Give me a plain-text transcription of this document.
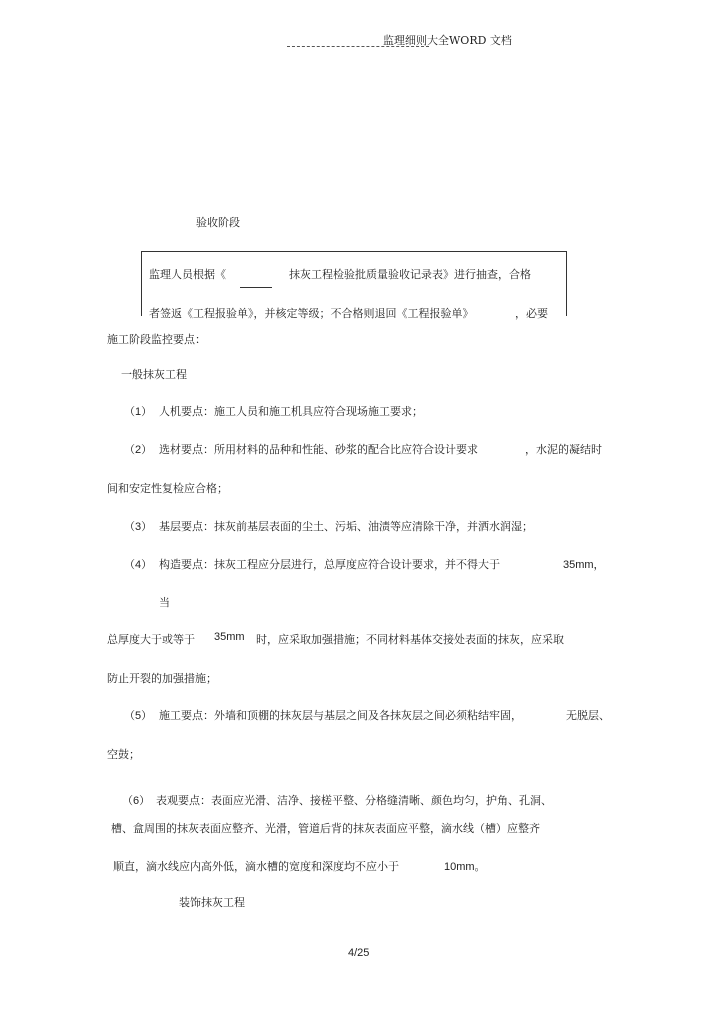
监理细则大全WORD 文档
验收阶段
监理人员根据《	抹灰工程检验批质量验收记录表》进行抽查，合格
者签返《工程报验单》，并核定等级；不合格则退回《工程报验单》	，必要
施工阶段监控要点：
一般抹灰工程
（1） 人机要点：施工人员和施工机具应符合现场施工要求；
（2） 选材要点：所用材料的品种和性能、砂浆的配合比应符合设计要求	，水泥的凝结时
间和安定性复检应合格；
（3） 基层要点：抹灰前基层表面的尘土、污垢、油渍等应清除干净，并洒水润湿；
（4） 构造要点：抹灰工程应分层进行，总厚度应符合设计要求，并不得大于	35mm，
当
总厚度大于或等于 35mm 时，应采取加强措施；不同材料基体交接处表面的抹灰，应采取
防止开裂的加强措施；
（5） 施工要点：外墙和顶棚的抹灰层与基层之间及各抹灰层之间必须粘结牢固，	无脱层、
空鼓；
（6） 表观要点：表面应光滑、洁净、接槎平整、分格缝清晰、颜色均匀，护角、孔洞、
槽、盒周围的抹灰表面应整齐、光滑，管道后背的抹灰表面应平整，滴水线（槽）应整齐
顺直，滴水线应内高外低，滴水槽的宽度和深度均不应小于	10mm。
装饰抹灰工程
4/25
